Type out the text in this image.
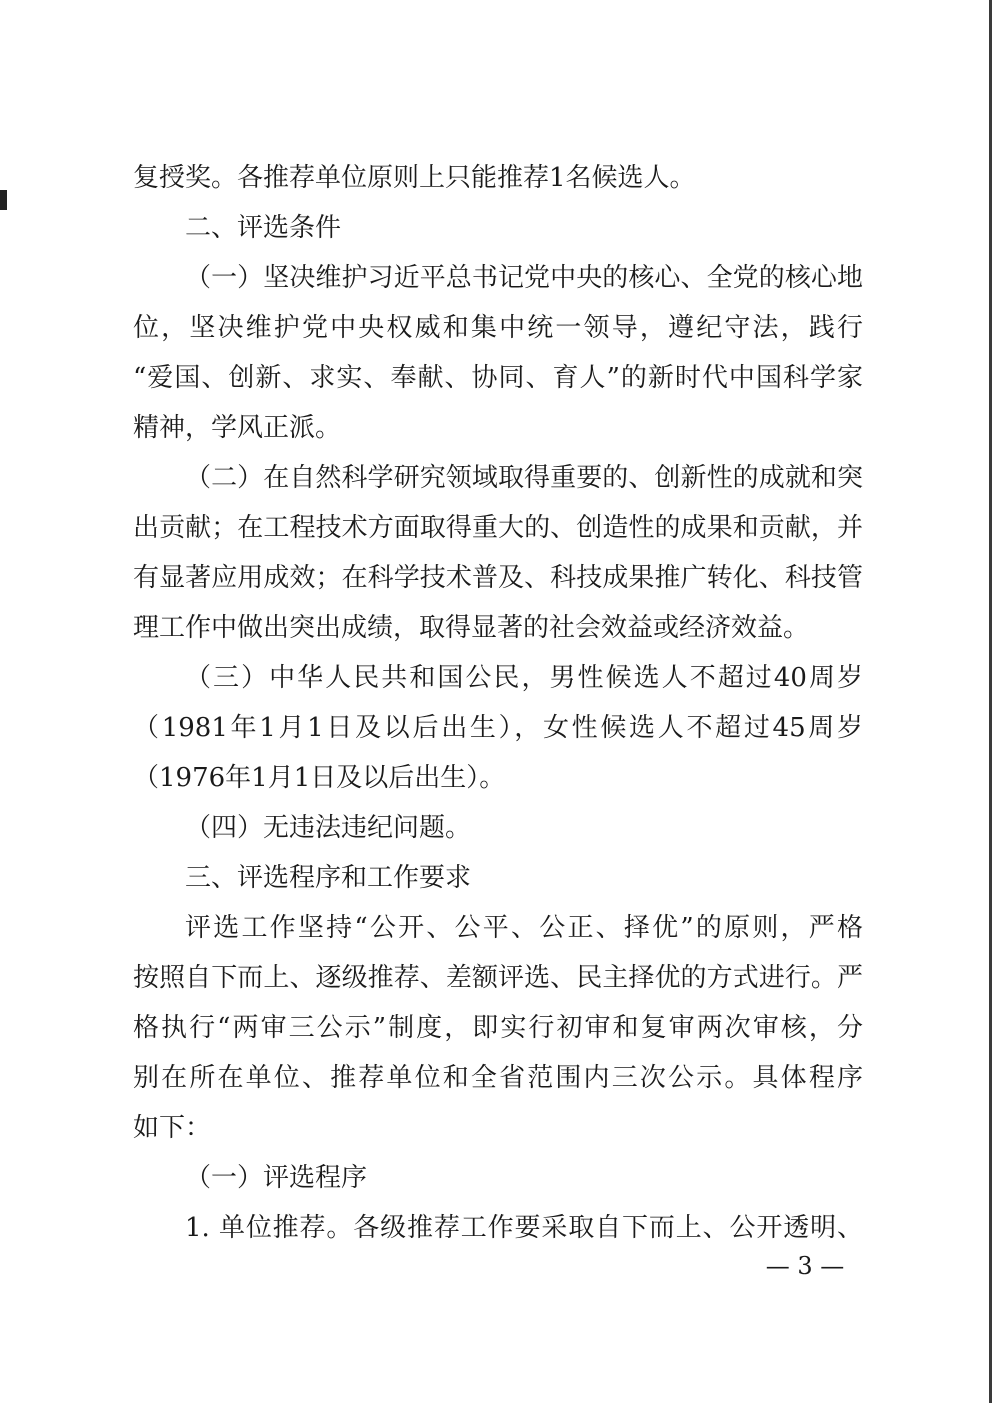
复授奖。各推荐单位原则上只能推荐1名候选人。
二、评选条件
（一）坚决维护习近平总书记党中央的核心、全党的核心地
位，坚决维护党中央权威和集中统一领导，遵纪守法，践行
“爱国、创新、求实、奉献、协同、育人”的新时代中国科学家
精神，学风正派。
（二）在自然科学研究领域取得重要的、创新性的成就和突
出贡献；在工程技术方面取得重大的、创造性的成果和贡献，并
有显著应用成效；在科学技术普及、科技成果推广转化、科技管
理工作中做出突出成绩，取得显著的社会效益或经济效益。
（三）中华人民共和国公民，男性候选人不超过40周岁
（1981年1月1日及以后出生），女性候选人不超过45周岁
（1976年1月1日及以后出生）。
（四）无违法违纪问题。
三、评选程序和工作要求
评选工作坚持“公开、公平、公正、择优”的原则，严格
按照自下而上、逐级推荐、差额评选、民主择优的方式进行。严
格执行“两审三公示”制度，即实行初审和复审两次审核，分
别在所在单位、推荐单位和全省范围内三次公示。具体程序
如下：
（一）评选程序
1. 单位推荐。各级推荐工作要采取自下而上、公开透明、
— 3 —
